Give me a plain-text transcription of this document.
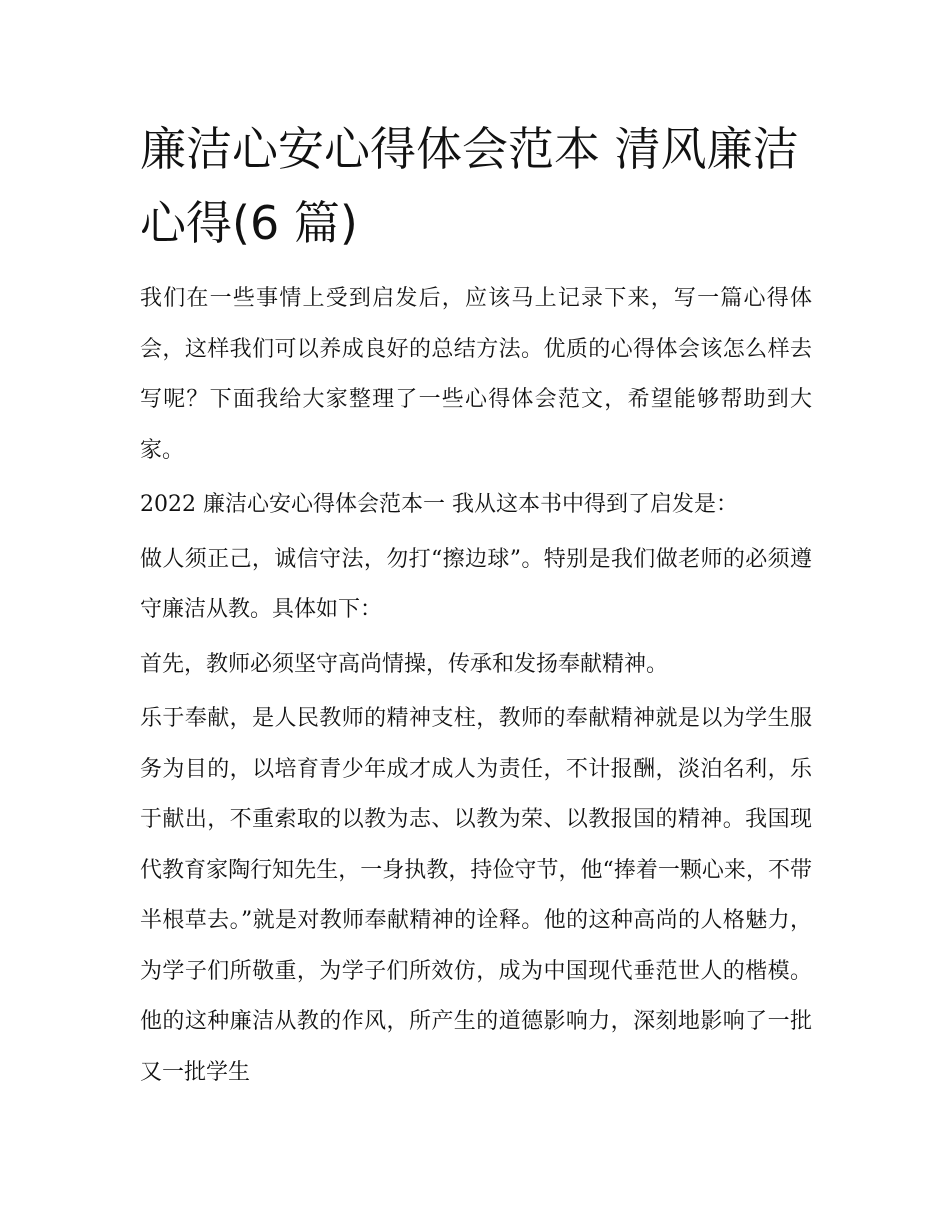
廉洁心安心得体会范本 清风廉洁心得(6 篇)

我们在一些事情上受到启发后，应该马上记录下来，写一篇心得体会，这样我们可以养成良好的总结方法。优质的心得体会该怎么样去写呢？下面我给大家整理了一些心得体会范文，希望能够帮助到大家。

2022 廉洁心安心得体会范本一 我从这本书中得到了启发是：

做人须正己，诚信守法，勿打“擦边球”。特别是我们做老师的必须遵守廉洁从教。具体如下：

首先，教师必须坚守高尚情操，传承和发扬奉献精神。

乐于奉献，是人民教师的精神支柱，教师的奉献精神就是以为学生服务为目的，以培育青少年成才成人为责任，不计报酬，淡泊名利，乐于献出，不重索取的以教为志、以教为荣、以教报国的精神。我国现代教育家陶行知先生，一身执教，持俭守节，他“捧着一颗心来，不带半根草去。”就是对教师奉献精神的诠释。他的这种高尚的人格魅力，为学子们所敬重，为学子们所效仿，成为中国现代垂范世人的楷模。他的这种廉洁从教的作风，所产生的道德影响力，深刻地影响了一批又一批学生
